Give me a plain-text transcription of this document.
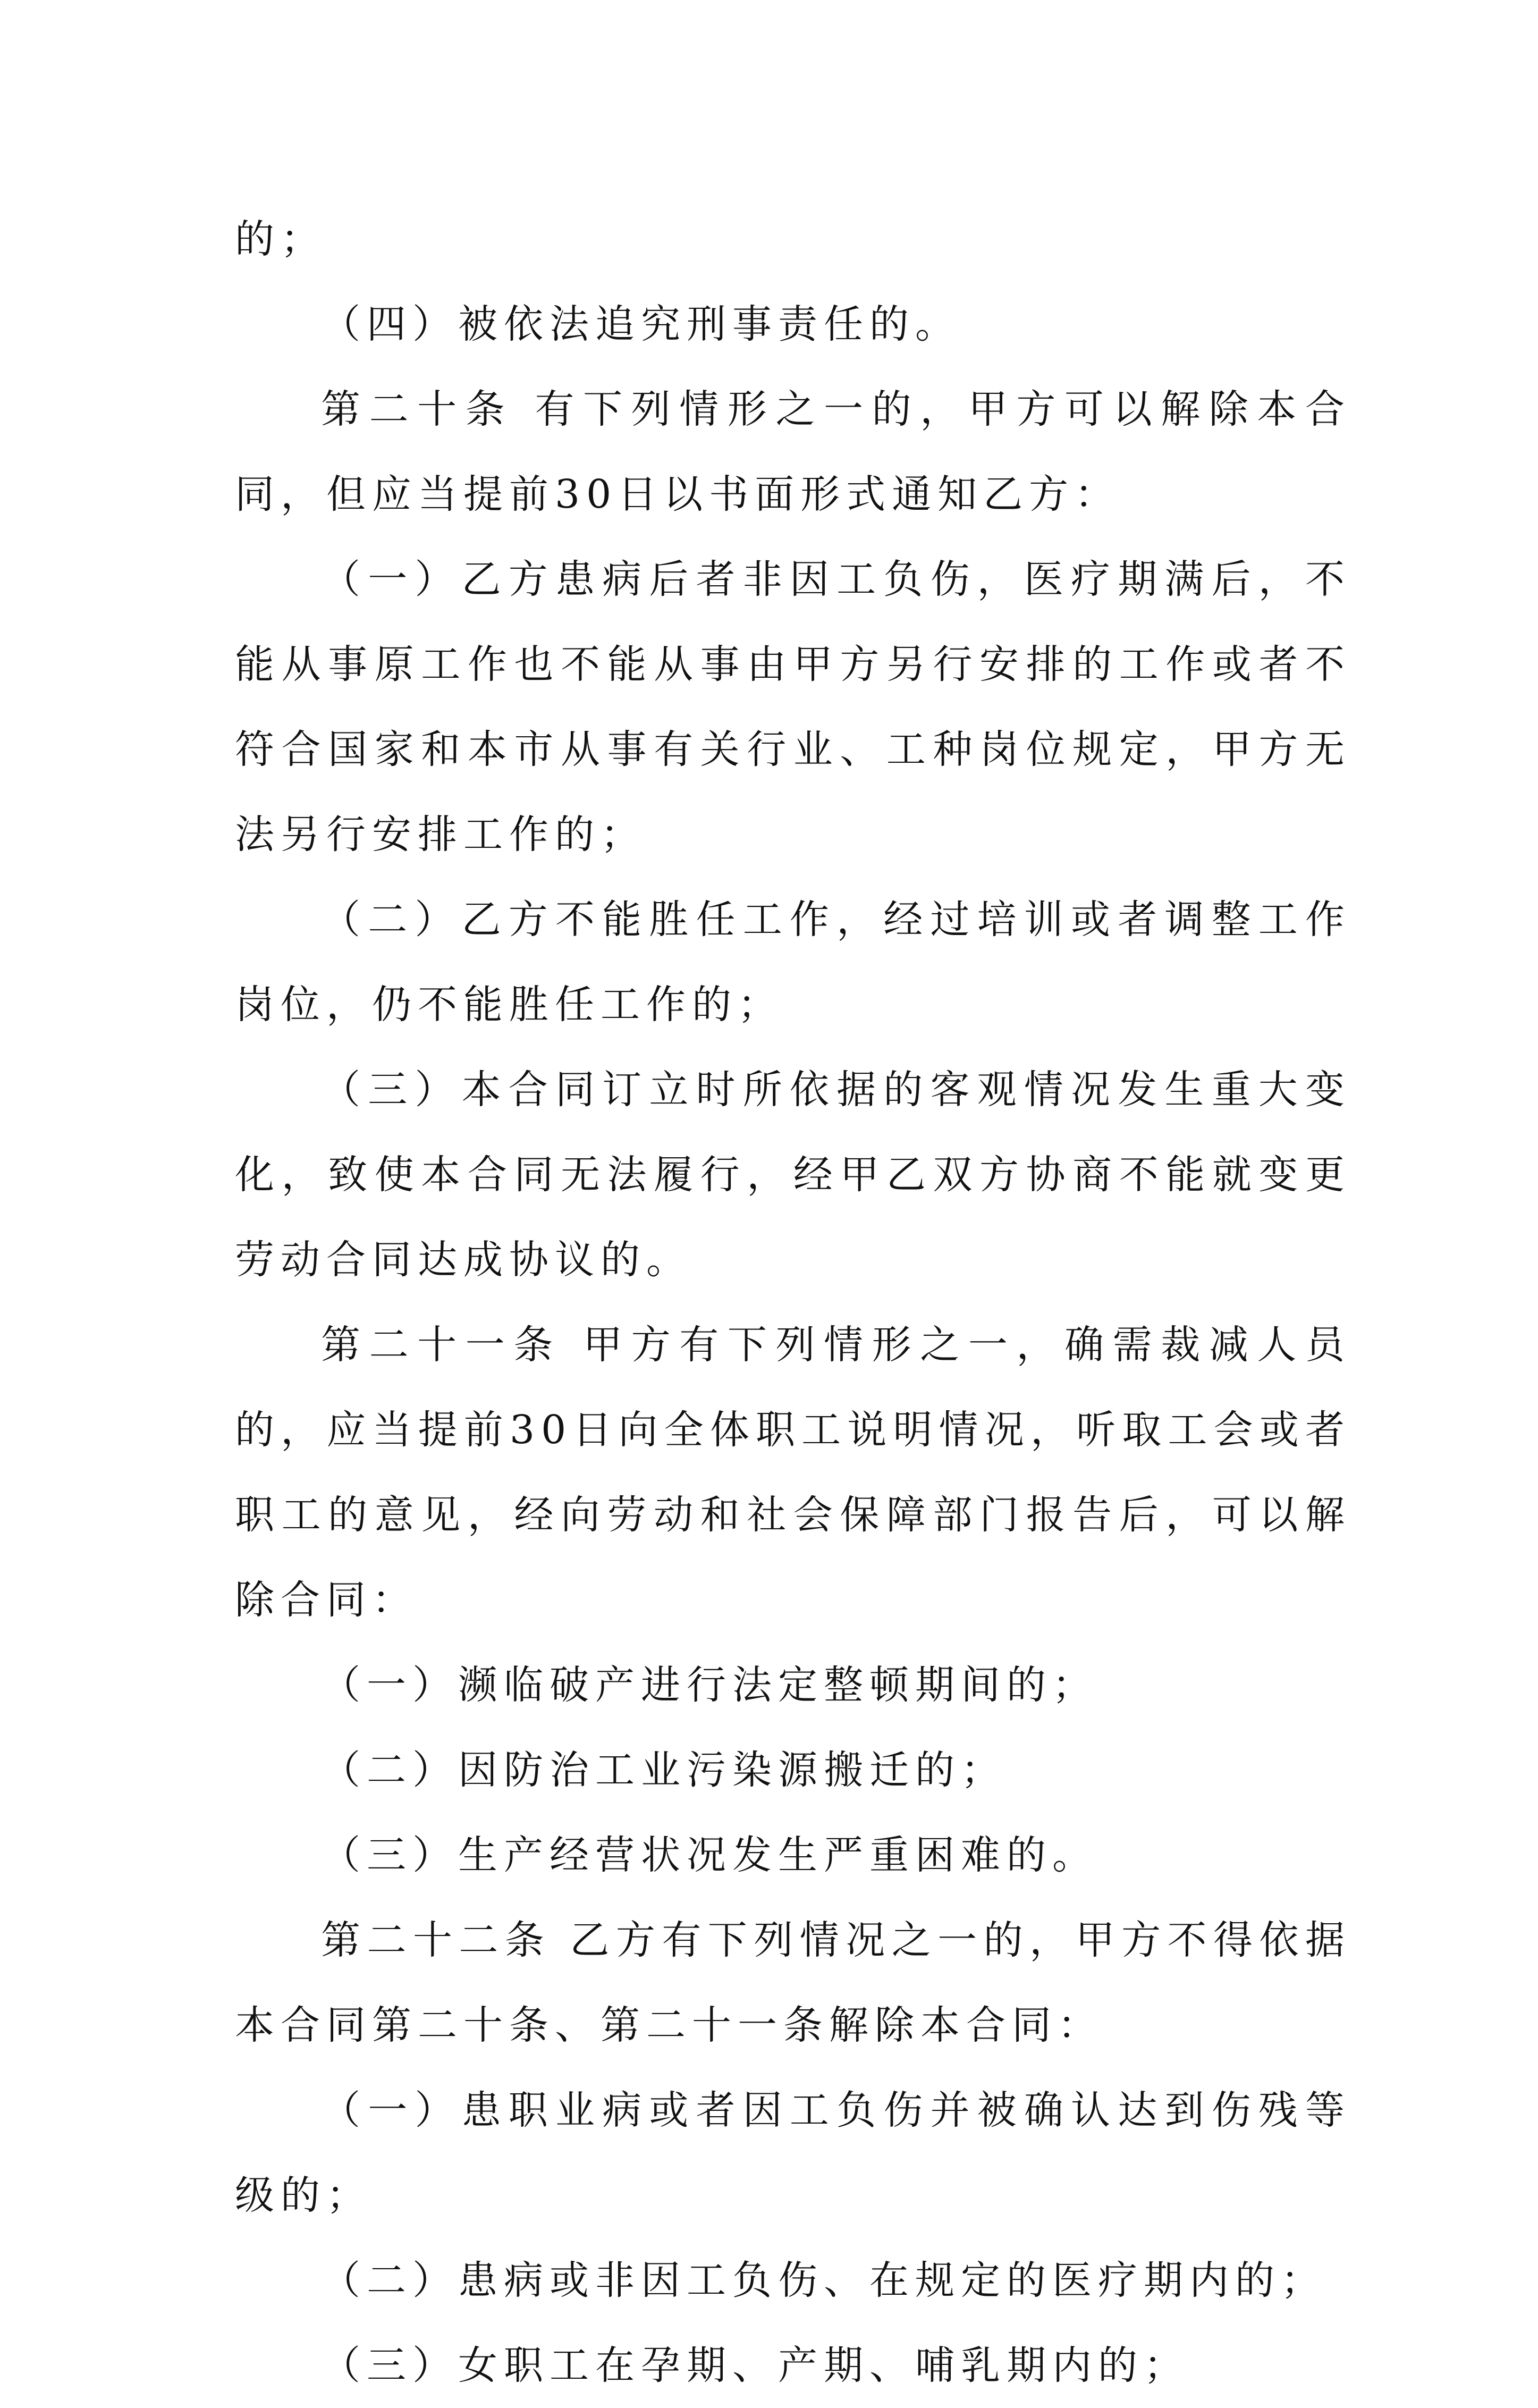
的；

（四）被依法追究刑事责任的。

第二十条 有下列情形之一的，甲方可以解除本合同，但应当提前30日以书面形式通知乙方：

（一）乙方患病后者非因工负伤，医疗期满后，不能从事原工作也不能从事由甲方另行安排的工作或者不符合国家和本市从事有关行业、工种岗位规定，甲方无法另行安排工作的；

（二）乙方不能胜任工作，经过培训或者调整工作岗位，仍不能胜任工作的；

（三）本合同订立时所依据的客观情况发生重大变化，致使本合同无法履行，经甲乙双方协商不能就变更劳动合同达成协议的。

第二十一条 甲方有下列情形之一，确需裁减人员的，应当提前30日向全体职工说明情况，听取工会或者职工的意见，经向劳动和社会保障部门报告后，可以解除合同：

（一）濒临破产进行法定整顿期间的；

（二）因防治工业污染源搬迁的；

（三）生产经营状况发生严重困难的。

第二十二条 乙方有下列情况之一的，甲方不得依据本合同第二十条、第二十一条解除本合同：

（一）患职业病或者因工负伤并被确认达到伤残等级的；

（二）患病或非因工负伤、在规定的医疗期内的；

（三）女职工在孕期、产期、哺乳期内的；
